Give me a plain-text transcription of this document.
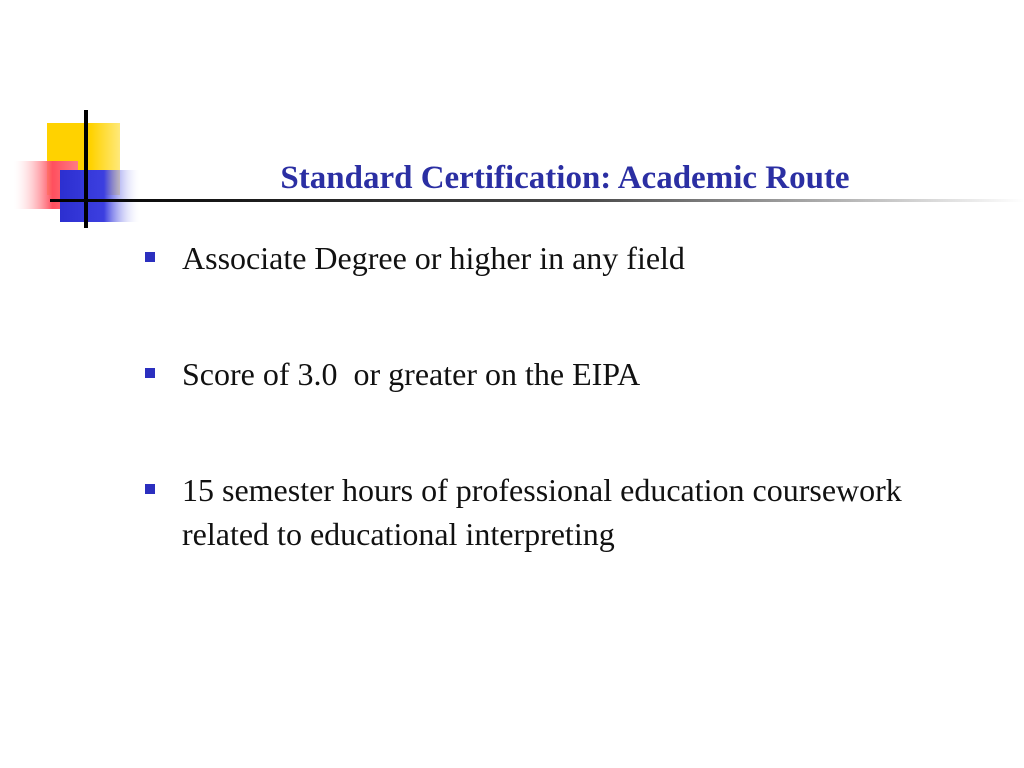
Standard Certification: Academic Route
Associate Degree or higher in any field
Score of 3.0  or greater on the EIPA
15 semester hours of professional education coursework related to educational interpreting
